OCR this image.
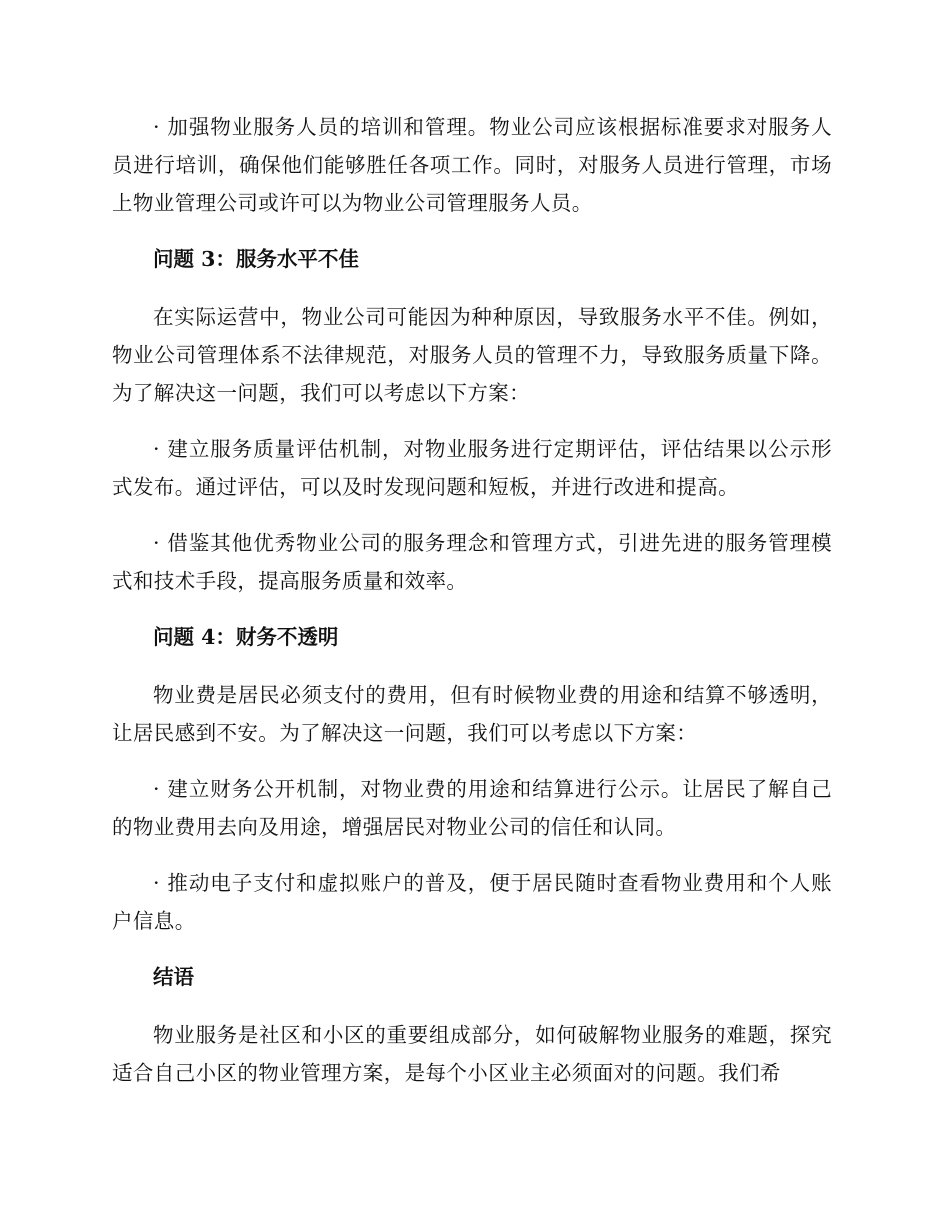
· 加强物业服务人员的培训和管理。物业公司应该根据标准要求对服务人员进行培训，确保他们能够胜任各项工作。同时，对服务人员进行管理，市场上物业管理公司或许可以为物业公司管理服务人员。

问题 3：服务水平不佳

在实际运营中，物业公司可能因为种种原因，导致服务水平不佳。例如，物业公司管理体系不法律规范，对服务人员的管理不力，导致服务质量下降。为了解决这一问题，我们可以考虑以下方案：

· 建立服务质量评估机制，对物业服务进行定期评估，评估结果以公示形式发布。通过评估，可以及时发现问题和短板，并进行改进和提高。

· 借鉴其他优秀物业公司的服务理念和管理方式，引进先进的服务管理模式和技术手段，提高服务质量和效率。

问题 4：财务不透明

物业费是居民必须支付的费用，但有时候物业费的用途和结算不够透明，让居民感到不安。为了解决这一问题，我们可以考虑以下方案：

· 建立财务公开机制，对物业费的用途和结算进行公示。让居民了解自己的物业费用去向及用途，增强居民对物业公司的信任和认同。

· 推动电子支付和虚拟账户的普及，便于居民随时查看物业费用和个人账户信息。

结语

物业服务是社区和小区的重要组成部分，如何破解物业服务的难题，探究适合自己小区的物业管理方案，是每个小区业主必须面对的问题。我们希
